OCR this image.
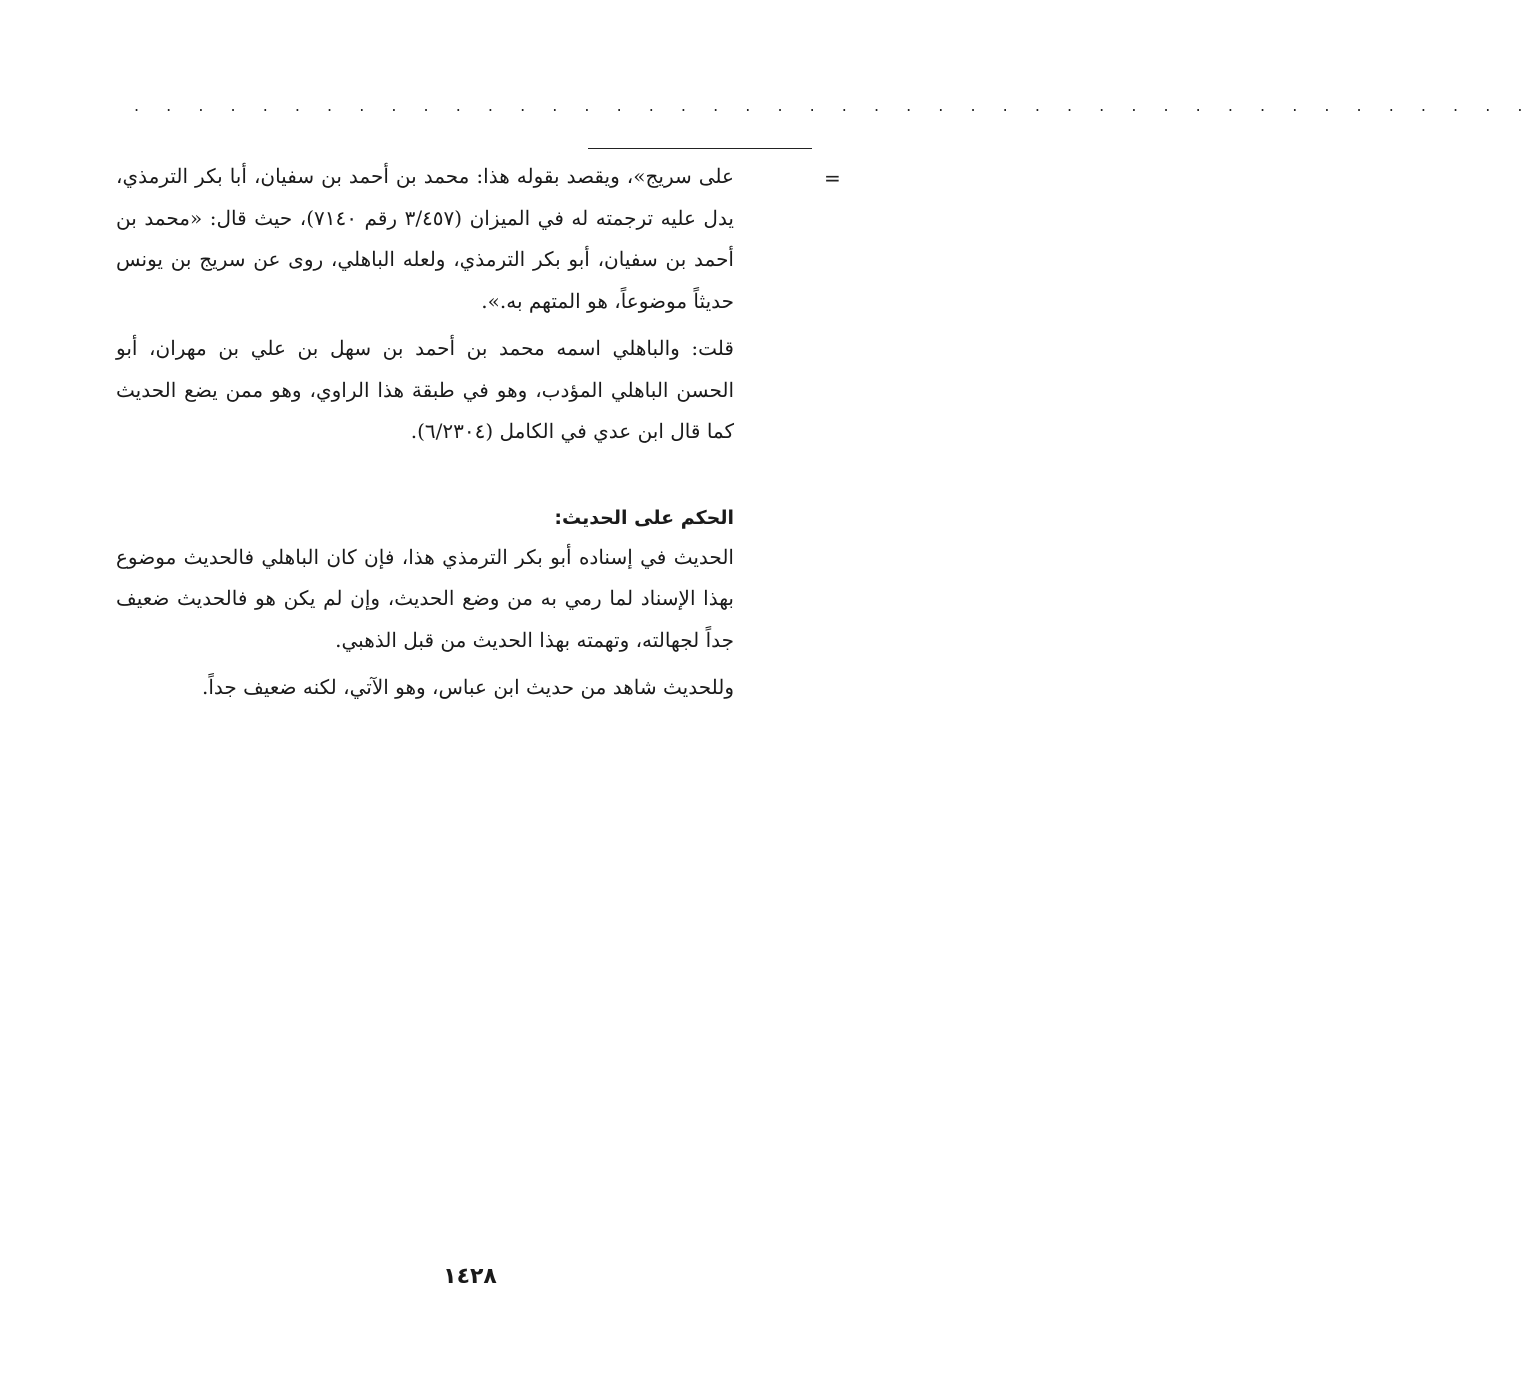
. . . . . . . . . . . . . . . . . . . . . . . . . . . . . . . . . . . . . . . . . . . .
=

على سريج»، ويقصد بقوله هذا: محمد بن أحمد بن سفيان، أبا بكر الترمذي، يدل عليه ترجمته له في الميزان (٣/٤٥٧ رقم ٧١٤٠)، حيث قال: «محمد بن أحمد بن سفيان، أبو بكر الترمذي، ولعله الباهلي، روى عن سريج بن يونس حديثاً موضوعاً، هو المتهم به.».

قلت: والباهلي اسمه محمد بن أحمد بن سهل بن علي بن مهران، أبو الحسن الباهلي المؤدب، وهو في طبقة هذا الراوي، وهو ممن يضع الحديث كما قال ابن عدي في الكامل (٦/٢٣٠٤).

الحكم على الحديث:

الحديث في إسناده أبو بكر الترمذي هذا، فإن كان الباهلي فالحديث موضوع بهذا الإسناد لما رمي به من وضع الحديث، وإن لم يكن هو فالحديث ضعيف جداً لجهالته، وتهمته بهذا الحديث من قبل الذهبي.

وللحديث شاهد من حديث ابن عباس، وهو الآتي، لكنه ضعيف جداً.

١٤٢٨
